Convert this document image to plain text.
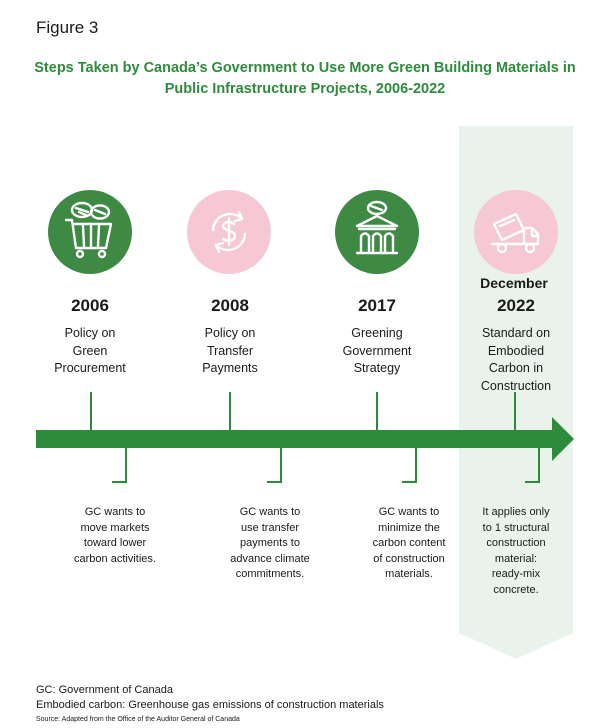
Figure 3
Steps Taken by Canada’s Government to Use More Green Building Materials in
Public Infrastructure Projects, 2006-2022
2006	2008	2017
December
2022
Policy on
Green
Procurement
Policy on
Transfer
Payments
Greening
Government
Strategy
Standard on
Embodied
Carbon in
Construction
GC wants to
move markets
toward lower
carbon activities.
GC wants to
use transfer
payments to
advance climate
commitments.
GC wants to
minimize the
carbon content
of construction
materials.
It applies only
to 1 structural
construction
material:
ready-mix
concrete.
GC: Government of Canada
Embodied carbon: Greenhouse gas emissions of construction materials
Source: Adapted from the Office of the Auditor General of Canada
